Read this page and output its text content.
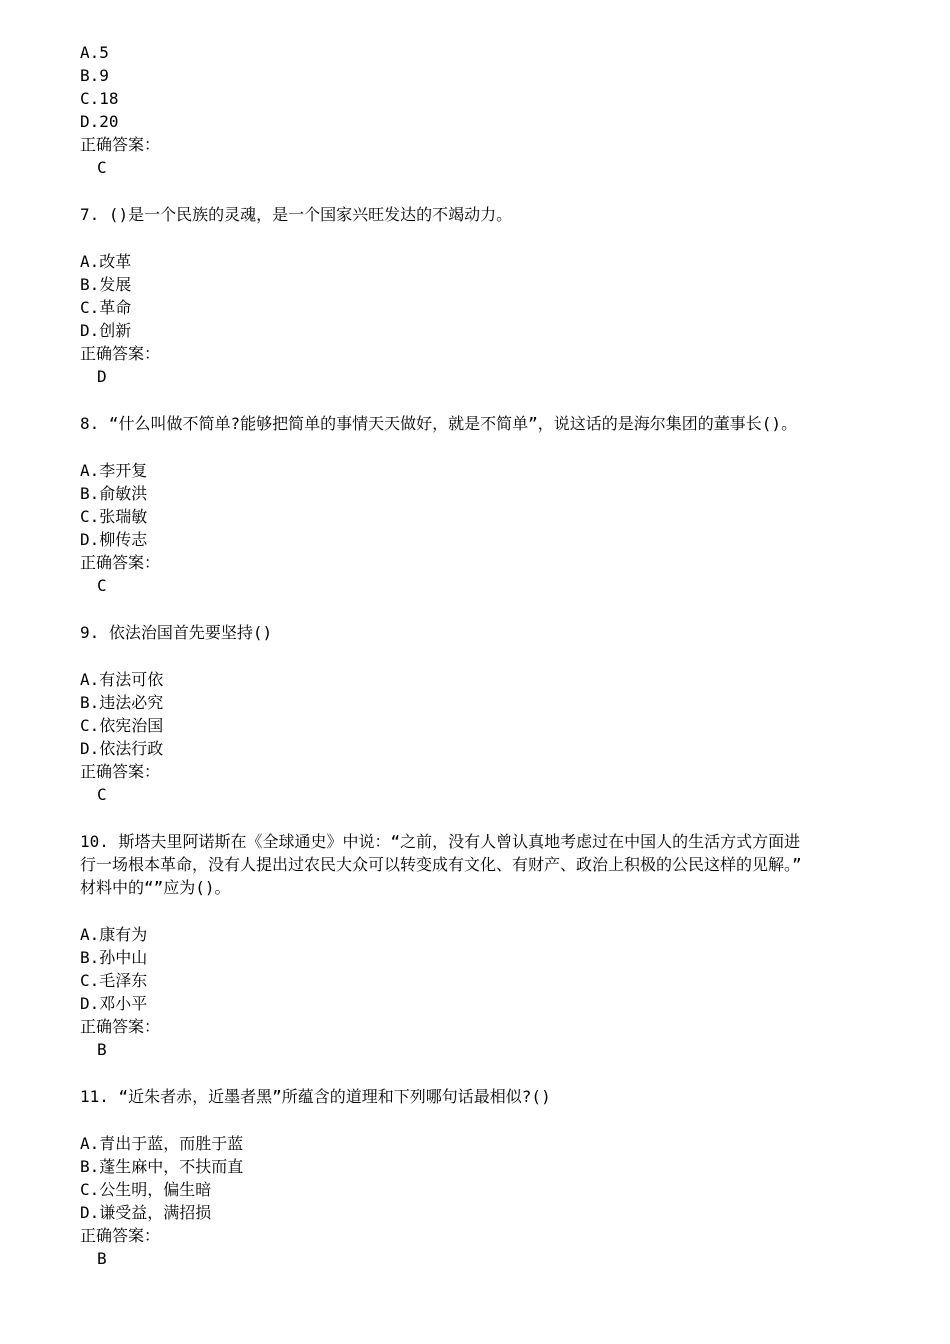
A.5
B.9
C.18
D.20
正确答案：
C
7. ()是一个民族的灵魂，是一个国家兴旺发达的不竭动力。
A.改革
B.发展
C.革命
D.创新
正确答案：
D
8. “什么叫做不简单?能够把简单的事情天天做好，就是不简单”，说这话的是海尔集团的董事长()。
A.李开复
B.俞敏洪
C.张瑞敏
D.柳传志
正确答案：
C
9. 依法治国首先要坚持()
A.有法可依
B.违法必究
C.依宪治国
D.依法行政
正确答案：
C
10. 斯塔夫里阿诺斯在《全球通史》中说：“之前，没有人曾认真地考虑过在中国人的生活方式方面进
行一场根本革命，没有人提出过农民大众可以转变成有文化、有财产、政治上积极的公民这样的见解。”
材料中的“”应为()。
A.康有为
B.孙中山
C.毛泽东
D.邓小平
正确答案：
B
11. “近朱者赤，近墨者黑”所蕴含的道理和下列哪句话最相似?()
A.青出于蓝，而胜于蓝
B.蓬生麻中，不扶而直
C.公生明，偏生暗
D.谦受益，满招损
正确答案：
B
